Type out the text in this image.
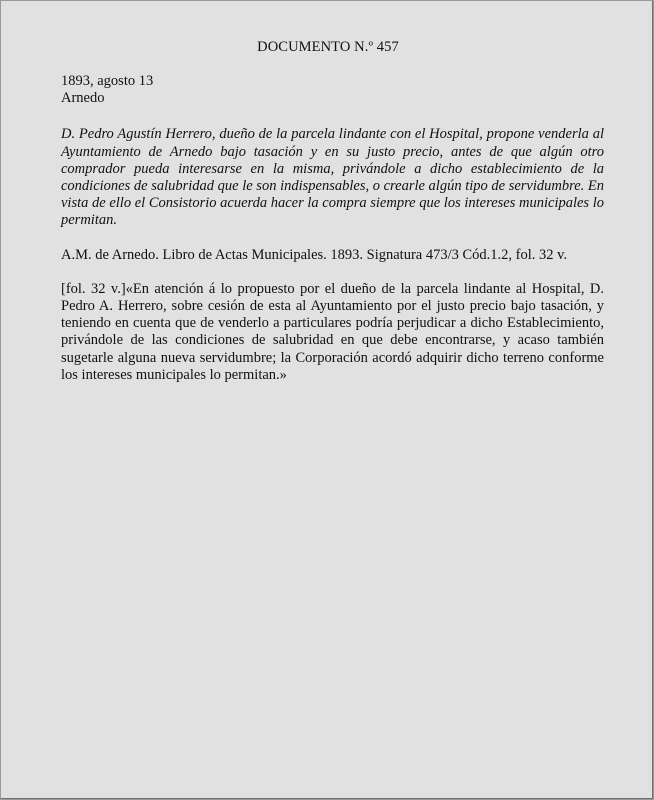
DOCUMENTO N.º 457
1893, agosto 13
Arnedo
D. Pedro Agustín Herrero, dueño de la parcela lindante con el Hospital, propone venderla al Ayuntamiento de Arnedo bajo tasación y en su justo precio, antes de que algún otro comprador pueda interesarse en la misma, privándole a dicho establecimiento de la condiciones de salubridad que le son indispensables, o crearle algún tipo de servidumbre. En vista de ello el Consistorio acuerda hacer la compra siempre que los intereses municipales lo permitan.
A.M. de Arnedo. Libro de Actas Municipales. 1893. Signatura 473/3 Cód.1.2, fol. 32 v.
[fol. 32 v.]«En atención á lo propuesto por el dueño de la parcela lindante al Hospital, D. Pedro A. Herrero, sobre cesión de esta al Ayuntamiento por el justo precio bajo tasación, y teniendo en cuenta que de venderlo a particulares podría perjudicar a dicho Establecimiento, privándole de las condiciones de salubridad en que debe encontrarse, y acaso también sugetarle alguna nueva servidumbre; la Corporación acordó adquirir dicho terreno conforme los intereses municipales lo permitan.»
